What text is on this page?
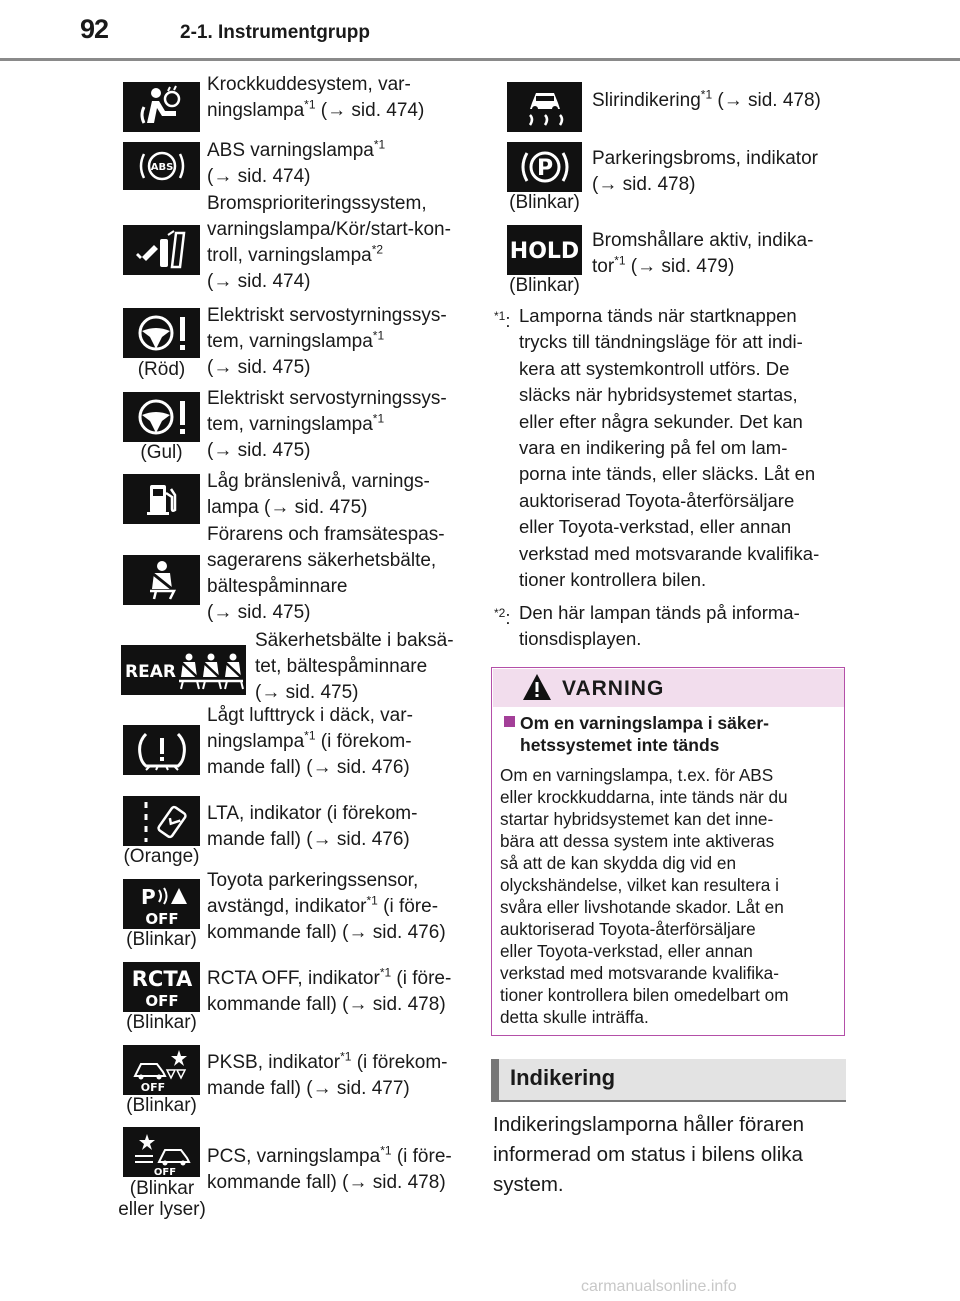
92	2-1. Instrumentgrupp
Krockkuddesystem, var-
ningslampa$^{*1}$ (→ sid. 474)
ABS
ABS varningslampa$^{*1}$
(→ sid. 474)
Bromsprioriteringssystem,
varningslampa/Kör/start-kon-
troll, varningslampa$^{*2}$
(→ sid. 474)
(Röd)
Elektriskt servostyrningssys-
tem, varningslampa$^{*1}$
(→ sid. 475)
(Gul)
Elektriskt servostyrningssys-
tem, varningslampa$^{*1}$
(→ sid. 475)
Låg bränslenivå, varnings-
lampa (→ sid. 475)
Förarens och framsätespas-
sagerarens säkerhetsbälte,
bältespåminnare
(→ sid. 475)
REAR
Säkerhetsbälte i baksä-
tet, bältespåminnare
(→ sid. 475)
Lågt lufttryck i däck, var-
ningslampa$^{*1}$ (i förekom-
mande fall) (→ sid. 476)
(Orange)
LTA, indikator (i förekom-
mande fall) (→ sid. 476)
P
OFF
(Blinkar)
Toyota parkeringssensor,
avstängd, indikator$^{*1}$ (i före-
kommande fall) (→ sid. 476)
RCTA
OFF
(Blinkar)
RCTA OFF, indikator$^{*1}$ (i före-
kommande fall) (→ sid. 478)
OFF
(Blinkar)
PKSB, indikator$^{*1}$ (i förekom-
mande fall) (→ sid. 477)
OFF
(Blinkar
eller lyser)
PCS, varningslampa$^{*1}$ (i före-
kommande fall) (→ sid. 478)
Slirindikering$^{*1}$ (→ sid. 478)
P
(Blinkar)
Parkeringsbroms, indikator
(→ sid. 478)
HOLD
(Blinkar)
Bromshållare aktiv, indika-
tor$^{*1}$ (→ sid. 479)
$^{*1}$: Lamporna tänds när startknappen
trycks till tändningsläge för att indi-
kera att systemkontroll utförs. De
släcks när hybridsystemet startas,
eller efter några sekunder. Det kan
vara en indikering på fel om lam-
porna inte tänds, eller släcks. Låt en
auktoriserad Toyota-återförsäljare
eller Toyota-verkstad, eller annan
verkstad med motsvarande kvalifika-
tioner kontrollera bilen.
$^{*2}$: Den här lampan tänds på informa-
tionsdisplayen.
VARNING
Om en varningslampa i säker-
hetssystemet inte tänds
Om en varningslampa, t.ex. för ABS
eller krockkuddarna, inte tänds när du
startar hybridsystemet kan det inne-
bära att dessa system inte aktiveras
så att de kan skydda dig vid en
olyckshändelse, vilket kan resultera i
svåra eller livshotande skador. Låt en
auktoriserad Toyota-återförsäljare
eller Toyota-verkstad, eller annan
verkstad med motsvarande kvalifika-
tioner kontrollera bilen omedelbart om
detta skulle inträffa.
Indikering
Indikeringslamporna håller föraren
informerad om status i bilens olika
system.
carmanualsonline.info
